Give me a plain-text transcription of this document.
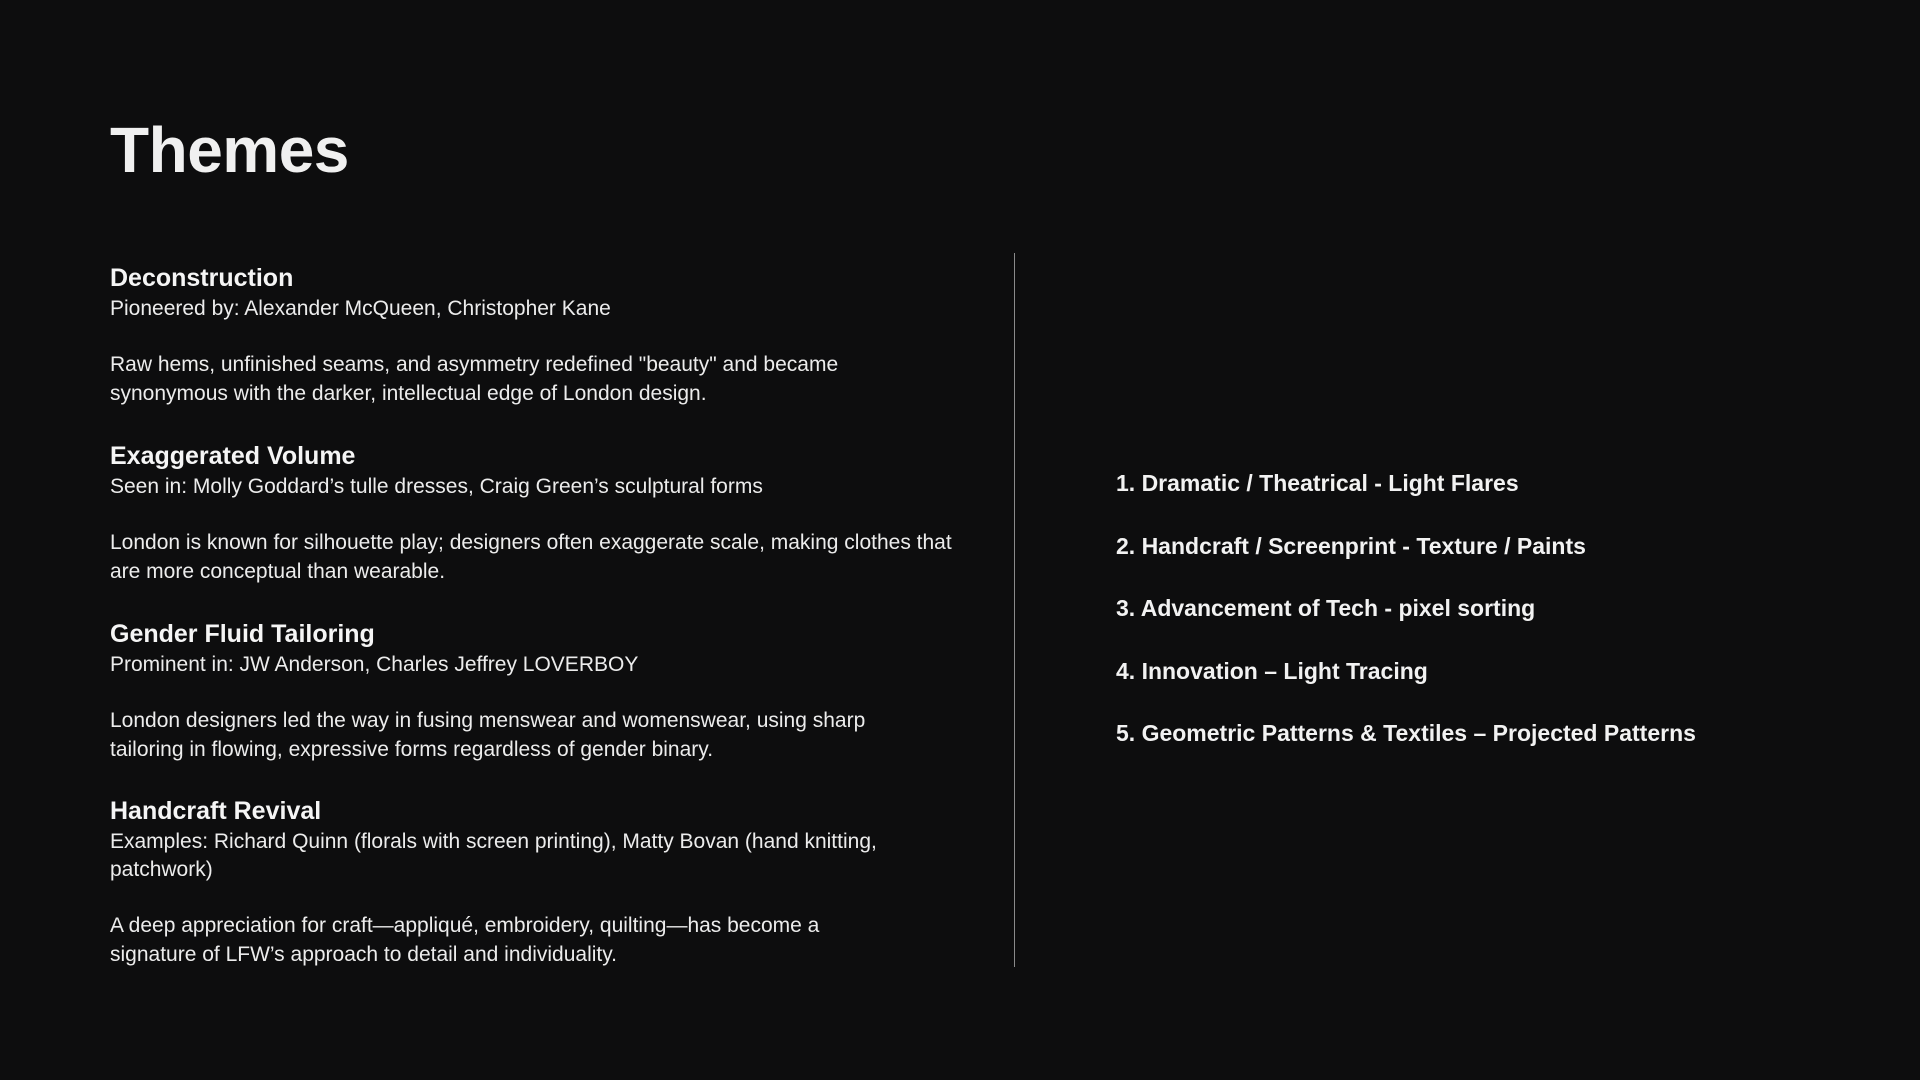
Themes

Deconstruction

Pioneered by: Alexander McQueen, Christopher Kane

Raw hems, unfinished seams, and asymmetry redefined "beauty" and became synonymous with the darker, intellectual edge of London design.

Exaggerated Volume

Seen in: Molly Goddard’s tulle dresses, Craig Green’s sculptural forms

London is known for silhouette play; designers often exaggerate scale, making clothes that are more conceptual than wearable.

Gender Fluid Tailoring

Prominent in: JW Anderson, Charles Jeffrey LOVERBOY

London designers led the way in fusing menswear and womenswear, using sharp tailoring in flowing, expressive forms regardless of gender binary.

Handcraft Revival

Examples: Richard Quinn (florals with screen printing), Matty Bovan (hand knitting, patchwork)

A deep appreciation for craft—appliqué, embroidery, quilting—has become a signature of LFW’s approach to detail and individuality.

1. Dramatic / Theatrical - Light Flares
2. Handcraft / Screenprint - Texture / Paints
3. Advancement of Tech - pixel sorting
4. Innovation – Light Tracing
5. Geometric Patterns & Textiles – Projected Patterns
